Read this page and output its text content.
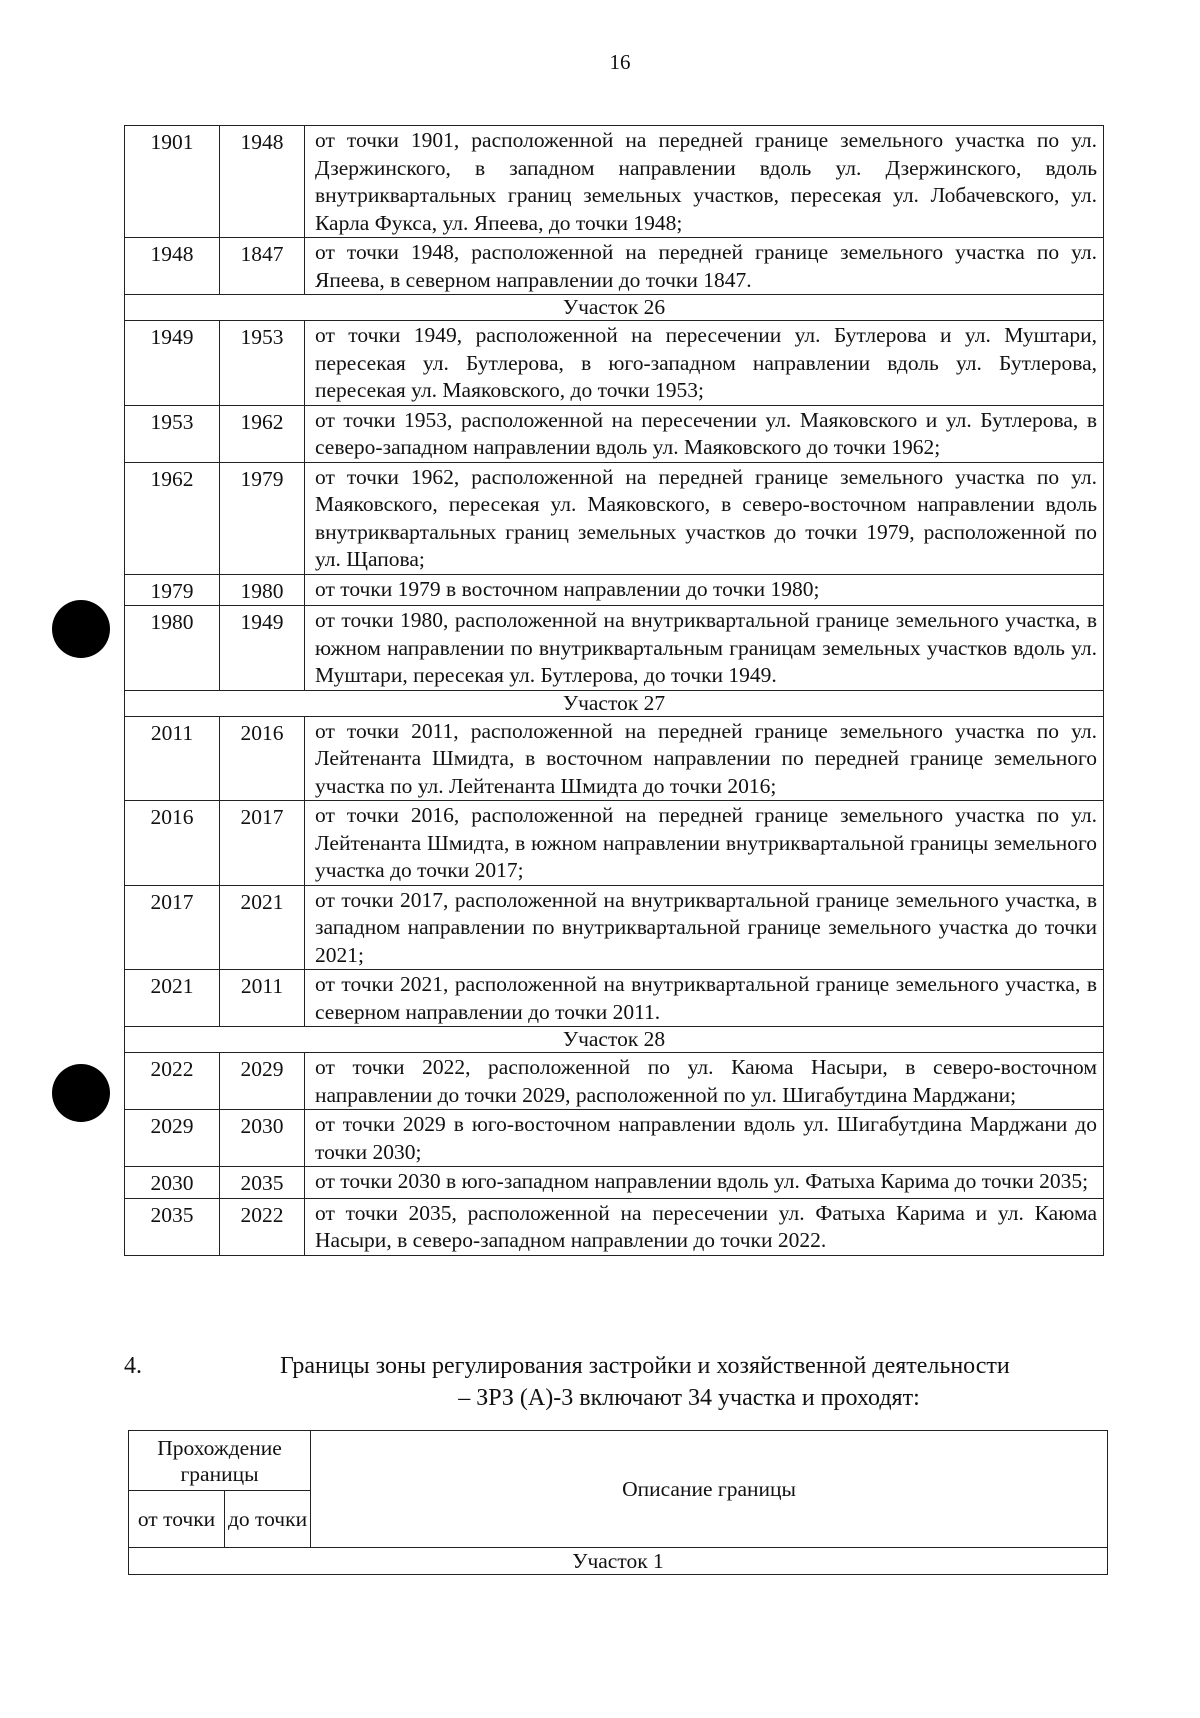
16
1901	1948	от точки 1901, расположенной на передней границе земельного участка по ул. Дзержинского, в западном направлении вдоль ул. Дзержинского, вдоль внутриквартальных границ земельных участков, пересекая ул. Лобачевского, ул. Карла Фукса, ул. Япеева, до точки 1948;
1948	1847	от точки 1948, расположенной на передней границе земельного участка по ул. Япеева, в северном направлении до точки 1847.
Участок 26		
1949	1953	от точки 1949, расположенной на пересечении ул. Бутлерова и ул. Муштари, пересекая ул. Бутлерова, в юго-западном направлении вдоль ул. Бутлерова, пересекая ул. Маяковского, до точки 1953;
1953	1962	от точки 1953, расположенной на пересечении ул. Маяковского и ул. Бутлерова, в северо-западном направлении вдоль ул. Маяковского до точки 1962;
1962	1979	от точки 1962, расположенной на передней границе земельного участка по ул. Маяковского, пересекая ул. Маяковского, в северо-восточном направлении вдоль внутриквартальных границ земельных участков до точки 1979, расположенной по ул. Щапова;
1979	1980	от точки 1979 в восточном направлении до точки 1980;
1980	1949	от точки 1980, расположенной на внутриквартальной границе земельного участка, в южном направлении по внутриквартальным границам земельных участков вдоль ул. Муштари, пересекая ул. Бутлерова, до точки 1949.
Участок 27		
2011	2016	от точки 2011, расположенной на передней границе земельного участка по ул. Лейтенанта Шмидта, в восточном направлении по передней границе земельного участка по ул. Лейтенанта Шмидта до точки 2016;
2016	2017	от точки 2016, расположенной на передней границе земельного участка по ул. Лейтенанта Шмидта, в южном направлении внутриквартальной границы земельного участка до точки 2017;
2017	2021	от точки 2017, расположенной на внутриквартальной границе земельного участка, в западном направлении по внутриквартальной границе земельного участка до точки 2021;
2021	2011	от точки 2021, расположенной на внутриквартальной границе земельного участка, в северном направлении до точки 2011.
Участок 28		
2022	2029	от точки 2022, расположенной по ул. Каюма Насыри, в северо-восточном направлении до точки 2029, расположенной по ул. Шигабутдина Марджани;
2029	2030	от точки 2029 в юго-восточном направлении вдоль ул. Шигабутдина Марджани до точки 2030;
2030	2035	от точки 2030 в юго-западном направлении вдоль ул. Фатыха Карима до точки 2035;
2035	2022	от точки 2035, расположенной на пересечении ул. Фатыха Карима и ул. Каюма Насыри, в северо-западном направлении до точки 2022.
4.	Границы зоны регулирования застройки и хозяйственной деятельности
– ЗРЗ (А)-3 включают 34 участка и проходят:
Прохождение границы		Описание границы
от точки	до точки	
Участок 1		
